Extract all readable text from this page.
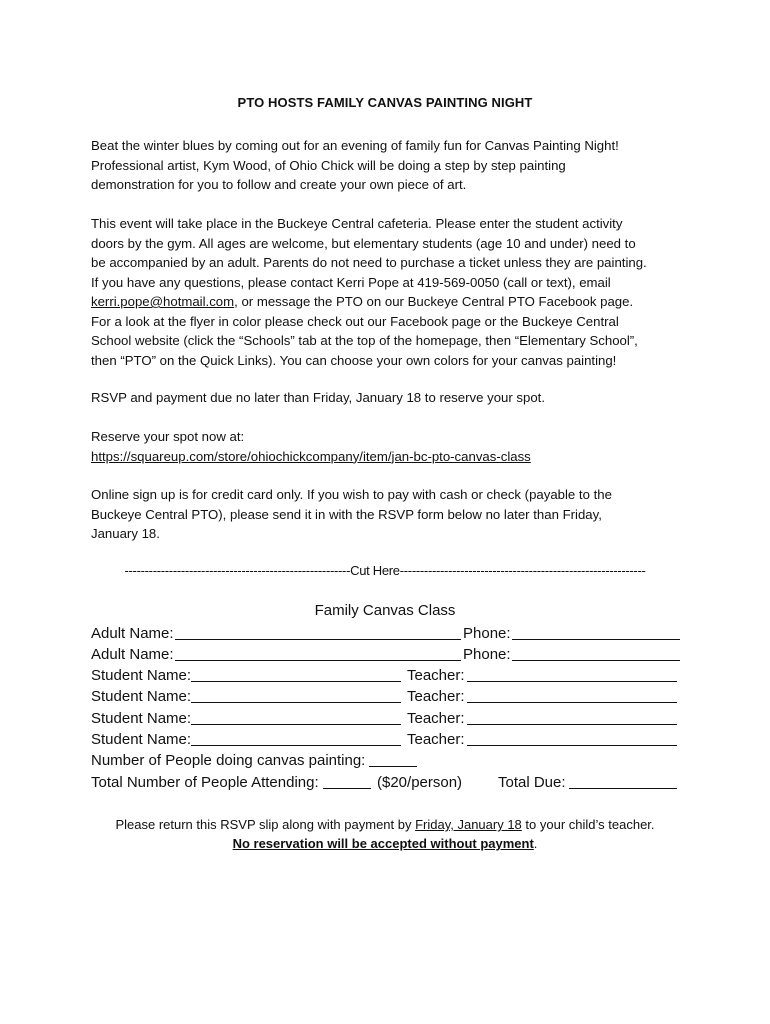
PTO HOSTS FAMILY CANVAS PAINTING NIGHT
Beat the winter blues by coming out for an evening of family fun for Canvas Painting Night!
Professional artist, Kym Wood, of Ohio Chick will be doing a step by step painting
demonstration for you to follow and create your own piece of art.
This event will take place in the Buckeye Central cafeteria. Please enter the student activity
doors by the gym. All ages are welcome, but elementary students (age 10 and under) need to
be accompanied by an adult. Parents do not need to purchase a ticket unless they are painting.
If you have any questions, please contact Kerri Pope at 419-569-0050 (call or text), email
kerri.pope@hotmail.com, or message the PTO on our Buckeye Central PTO Facebook page.
For a look at the flyer in color please check out our Facebook page or the Buckeye Central
School website (click the “Schools” tab at the top of the homepage, then “Elementary School”,
then “PTO” on the Quick Links). You can choose your own colors for your canvas painting!
RSVP and payment due no later than Friday, January 18 to reserve your spot.
Reserve your spot now at:
https://squareup.com/store/ohiochickcompany/item/jan-bc-pto-canvas-class
Online sign up is for credit card only. If you wish to pay with cash or check (payable to the
Buckeye Central PTO), please send it in with the RSVP form below no later than Friday,
January 18.
--------------------------------------------------------Cut Here-------------------------------------------------------------
Family Canvas Class
Adult Name:	Phone:
Adult Name:	Phone:
Student Name:	Teacher:
Student Name:	Teacher:
Student Name:	Teacher:
Student Name:	Teacher:
Number of People doing canvas painting:
Total Number of People Attending:	($20/person) Total Due:
Please return this RSVP slip along with payment by Friday, January 18 to your child’s teacher.
No reservation will be accepted without payment.
